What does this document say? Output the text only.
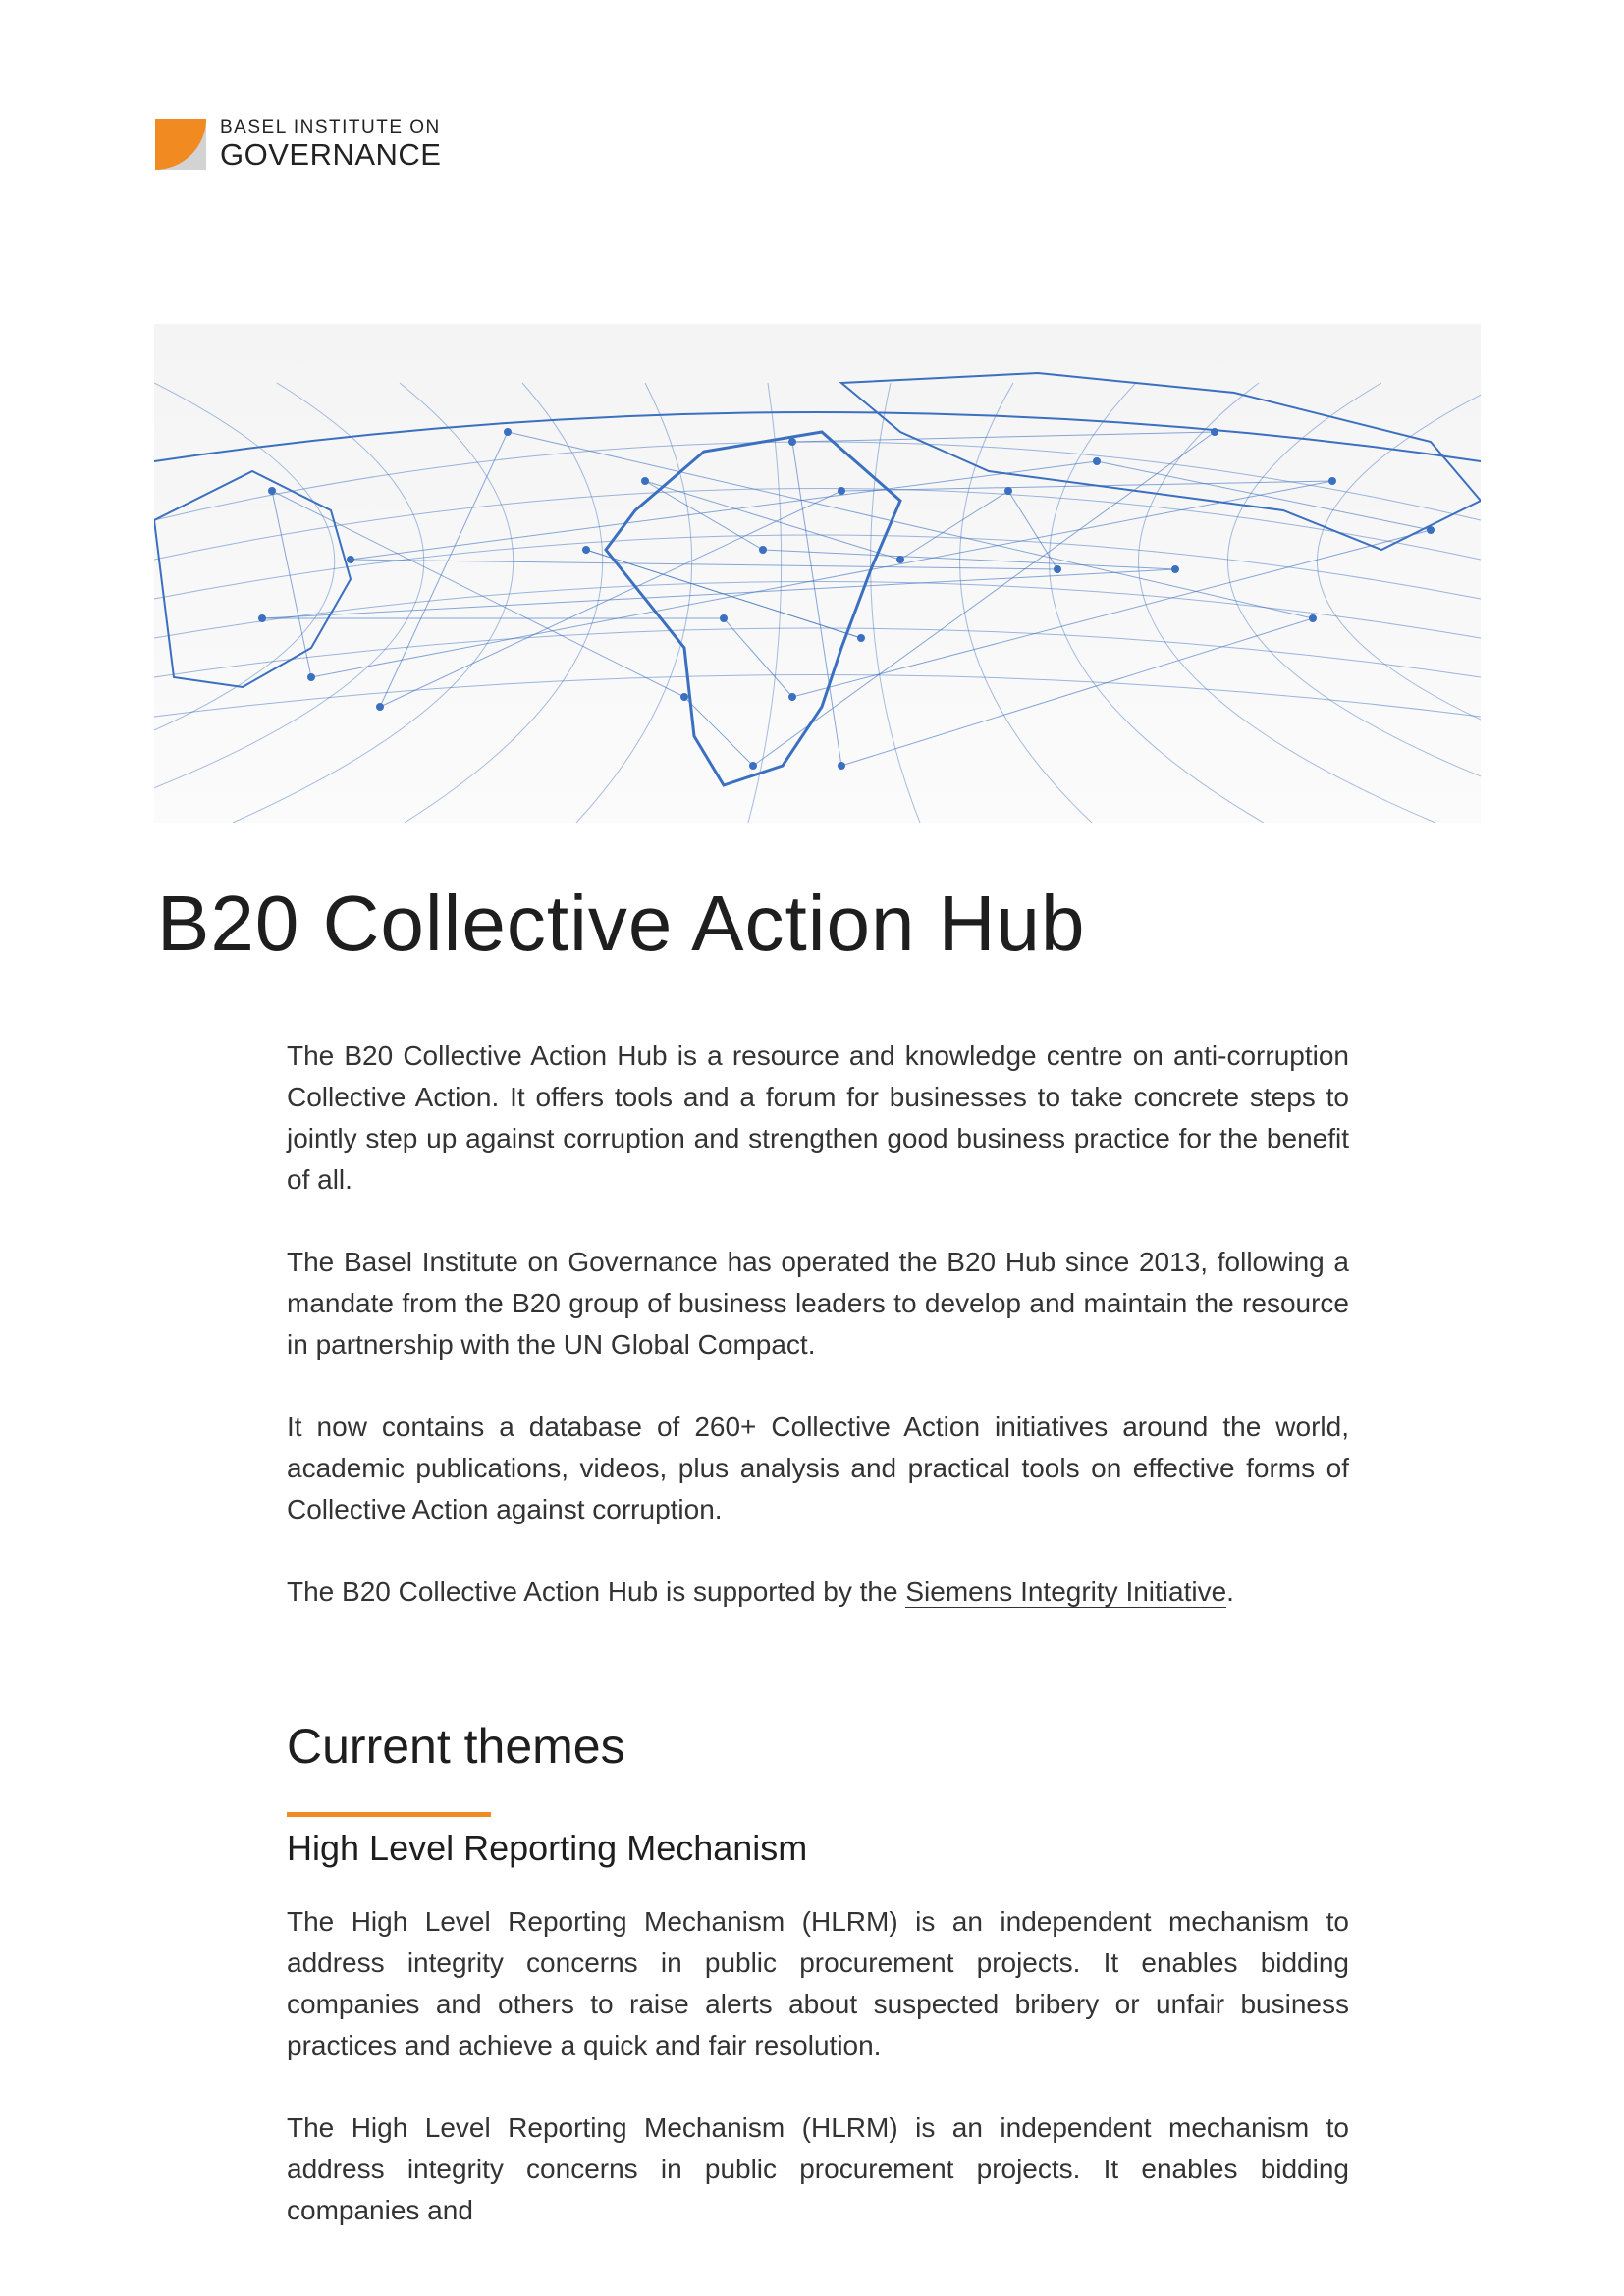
BASEL INSTITUTE ON
GOVERNANCE
B20 Collective Action Hub

The B20 Collective Action Hub is a resource and knowledge centre on anti-corruption Collective Action. It offers tools and a forum for businesses to take concrete steps to jointly step up against corruption and strengthen good business practice for the benefit of all.

The Basel Institute on Governance has operated the B20 Hub since 2013, following a mandate from the B20 group of business leaders to develop and maintain the resource in partnership with the UN Global Compact.

It now contains a database of 260+ Collective Action initiatives around the world, academic publications, videos, plus analysis and practical tools on effective forms of Collective Action against corruption.

The B20 Collective Action Hub is supported by the Siemens Integrity Initiative.

Current themes
High Level Reporting Mechanism

The High Level Reporting Mechanism (HLRM) is an independent mechanism to address integrity concerns in public procurement projects. It enables bidding companies and others to raise alerts about suspected bribery or unfair business practices and achieve a quick and fair resolution.

The High Level Reporting Mechanism (HLRM) is an independent mechanism to address integrity concerns in public procurement projects. It enables bidding companies and
